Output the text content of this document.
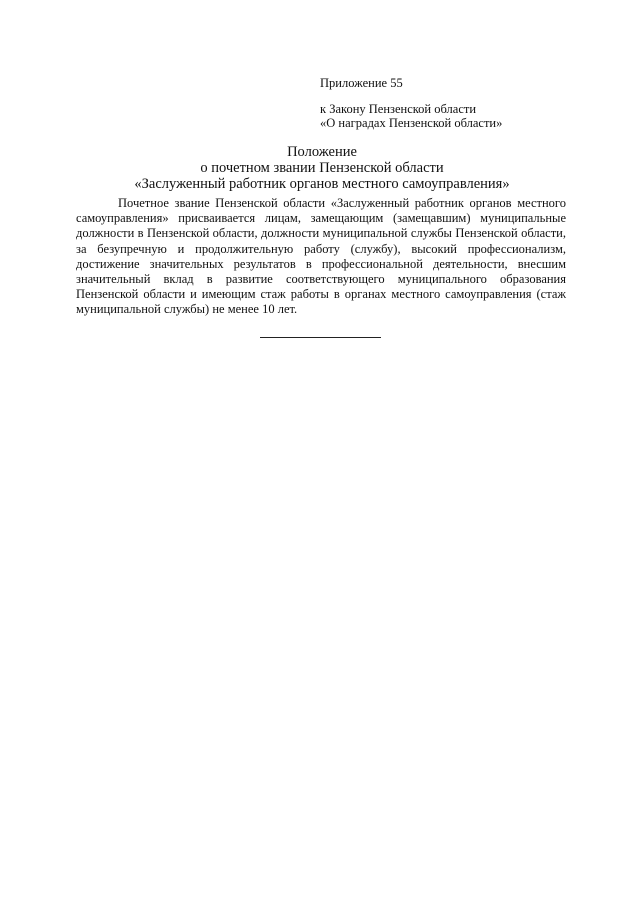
Приложение 55
к Закону Пензенской области
«О наградах Пензенской области»
Положение
о почетном звании Пензенской области
«Заслуженный работник органов местного самоуправления»

Почетное звание Пензенской области «Заслуженный работник органов местного самоуправления» присваивается лицам, замещающим (замещавшим) муниципальные должности в Пензенской области, должности муниципальной службы Пензенской области, за безупречную и продолжительную работу (службу), высокий профессионализм, достижение значительных результатов в профессиональной деятельности, внесшим значительный вклад в развитие соответствующего муниципального образования Пензенской области и имеющим стаж работы в органах местного самоуправления (стаж муниципальной службы) не менее 10 лет.
